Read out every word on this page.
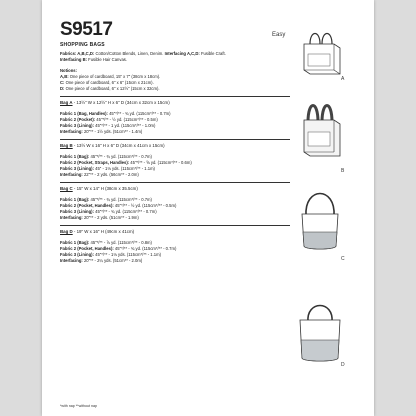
S9517
SHOPPING BAGS
Fabrics: A,B,C,D: Cotton/Cotton Blends, Linen, Denim. Interfacing A,C,D: Fusible Craft.
Interfacing B: Fusible Hair Canvas.
Notions:
A,B: One piece of cardboard, 15" x 7" (38cm x 18cm).
C: One piece of cardboard, 6" x 6" (15cm x 21cm).
D: One piece of cardboard, 6" x 12½" (15cm x 32cm).
Bag A - 13½" W x 12½" H x 6" D (34cm x 32cm x 15cm)
Fabric 1 (Bag, Handles): 45"*/** - ¾ yd. (115cm*/** - 0.7m)
Fabric 2 (Pocket): 45"*/** - ½ yd. (115cm*/** - 0.5m)
Fabric 3 (Lining): 45"*/** - 1 yd. (115cm*/** - 1.0m)
Interfacing: 20"** - 1½ yds. (51cm** - 1.4m)
Bag B - 13½ W x 16" H x 6" D (34cm x 41cm x 15cm)
Fabric 1 (Bag): 45"*/** - ¾ yd. (115cm*/** - 0.7m)
Fabric 2 (Pocket, Straps, Handles): 45"*/** - ⅝ yd. (115cm*/** - 0.6m)
Fabric 3 (Lining): 45" - 1⅛ yds. (115cm*/** - 1.1m)
Interfacing: 22"** - 2 yds. (56cm** - 2.0m)
Bag C - 15" W x 14" H (38cm x 35.5cm)
Fabric 1 (Bag): 45"*/** - ¾ yd. (115cm*/** - 0.7m)
Fabric 2 (Pocket, Handles): 45"*/** - ½ yd. (115cm*/** - 0.5m)
Fabric 3 (Lining): 45"*/** - ¾ yd. (115cm*/** - 0.7m)
Interfacing: 20"** - 2 yds. (51cm** - 1.9m)
Bag D - 19" W x 16" H (49cm x 41cm)
Fabric 1 (Bag): 45"*/** - ⅞ yd. (115cm*/** - 0.8m)
Fabric 2 (Pocket, Handles): 45"*/** - ¾ yd. (115cm*/** - 0.7m)
Fabric 3 (Lining): 45"*/** - 1⅛ yds. (115cm*/** - 1.1m)
Interfacing: 20"** - 2¼ yds. (51cm** - 2.0m)
Easy
A
B
C
D
*with nap **without nap
